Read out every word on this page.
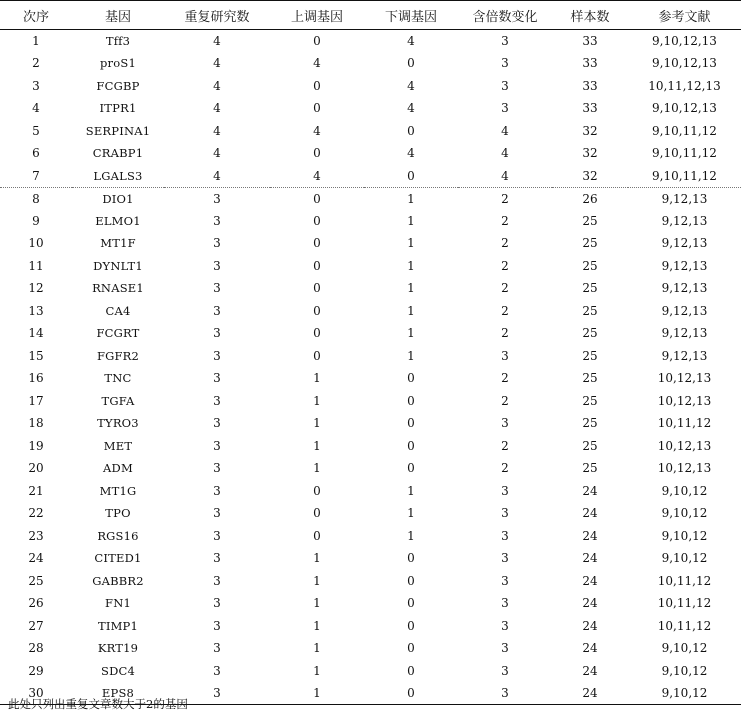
次序	基因	重复研究数	上调基因	下调基因	含倍数变化	样本数	参考文献
1	Tff3	4	0	4	3	33	9,10,12,13
2	proS1	4	4	0	3	33	9,10,12,13
3	FCGBP	4	0	4	3	33	10,11,12,13
4	ITPR1	4	0	4	3	33	9,10,12,13
5	SERPINA1	4	4	0	4	32	9,10,11,12
6	CRABP1	4	0	4	4	32	9,10,11,12
7	LGALS3	4	4	0	4	32	9,10,11,12
8	DIO1	3	0	1	2	26	9,12,13
9	ELMO1	3	0	1	2	25	9,12,13
10	MT1F	3	0	1	2	25	9,12,13
11	DYNLT1	3	0	1	2	25	9,12,13
12	RNASE1	3	0	1	2	25	9,12,13
13	CA4	3	0	1	2	25	9,12,13
14	FCGRT	3	0	1	2	25	9,12,13
15	FGFR2	3	0	1	3	25	9,12,13
16	TNC	3	1	0	2	25	10,12,13
17	TGFA	3	1	0	2	25	10,12,13
18	TYRO3	3	1	0	3	25	10,11,12
19	MET	3	1	0	2	25	10,12,13
20	ADM	3	1	0	2	25	10,12,13
21	MT1G	3	0	1	3	24	9,10,12
22	TPO	3	0	1	3	24	9,10,12
23	RGS16	3	0	1	3	24	9,10,12
24	CITED1	3	1	0	3	24	9,10,12
25	GABBR2	3	1	0	3	24	10,11,12
26	FN1	3	1	0	3	24	10,11,12
27	TIMP1	3	1	0	3	24	10,11,12
28	KRT19	3	1	0	3	24	9,10,12
29	SDC4	3	1	0	3	24	9,10,12
30	EPS8	3	1	0	3	24	9,10,12
此处只列出重复文章数大于2的基因
